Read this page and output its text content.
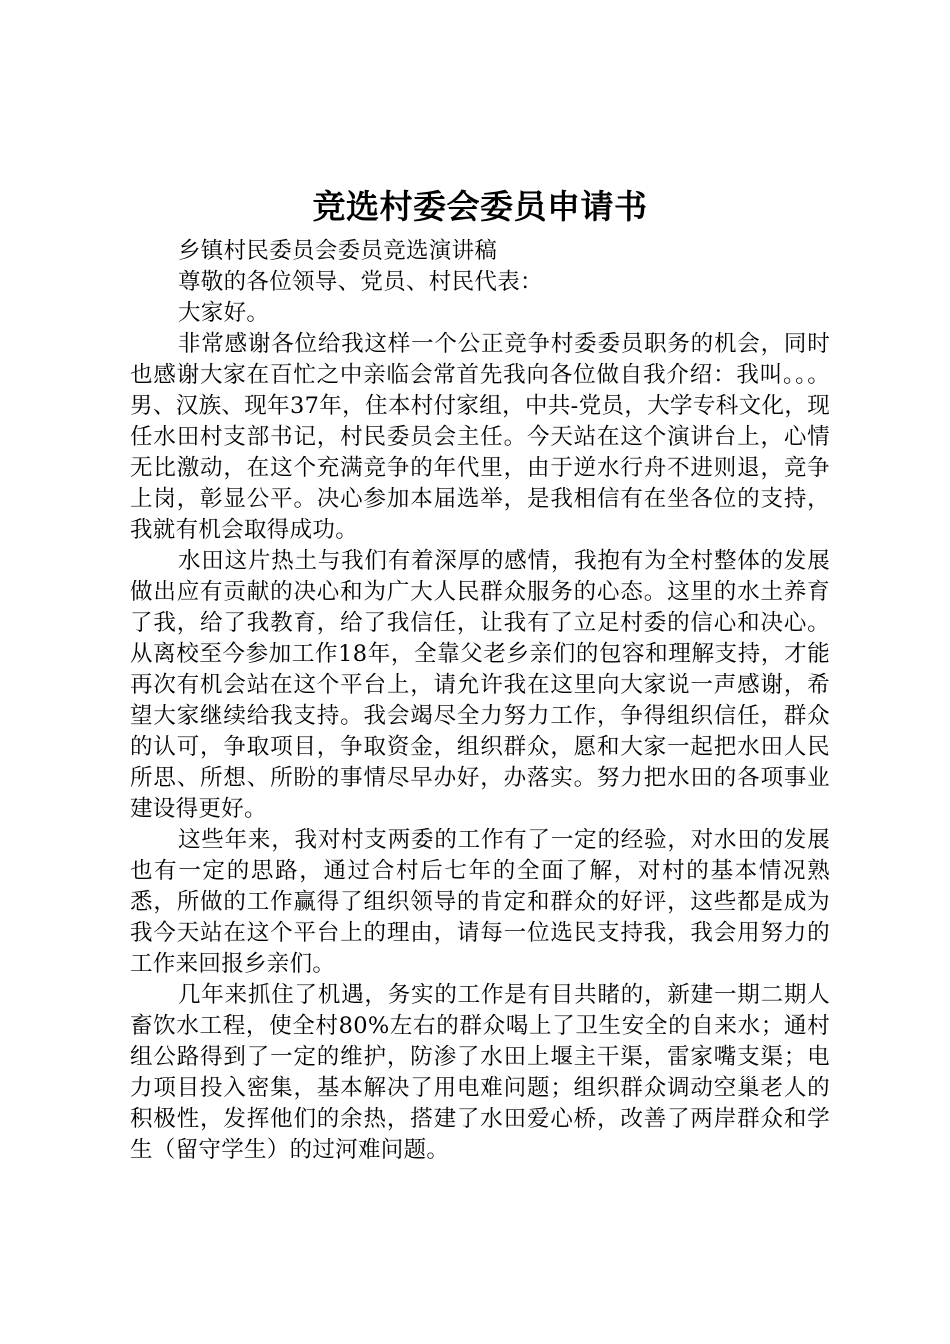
竞选村委会委员申请书

乡镇村民委员会委员竞选演讲稿

尊敬的各位领导、党员、村民代表：

大家好。

非常感谢各位给我这样一个公正竞争村委委员职务的机会，同时也感谢大家在百忙之中亲临会常首先我向各位做自我介绍：我叫。。。男、汉族、现年37年，住本村付家组，中共-党员，大学专科文化，现任水田村支部书记，村民委员会主任。今天站在这个演讲台上，心情无比激动，在这个充满竞争的年代里，由于逆水行舟不进则退，竞争上岗，彰显公平。决心参加本届选举，是我相信有在坐各位的支持，我就有机会取得成功。

水田这片热土与我们有着深厚的感情，我抱有为全村整体的发展做出应有贡献的决心和为广大人民群众服务的心态。这里的水土养育了我，给了我教育，给了我信任，让我有了立足村委的信心和决心。从离校至今参加工作18年，全靠父老乡亲们的包容和理解支持，才能再次有机会站在这个平台上，请允许我在这里向大家说一声感谢，希望大家继续给我支持。我会竭尽全力努力工作，争得组织信任，群众的认可，争取项目，争取资金，组织群众，愿和大家一起把水田人民所思、所想、所盼的事情尽早办好，办落实。努力把水田的各项事业建设得更好。

这些年来，我对村支两委的工作有了一定的经验，对水田的发展也有一定的思路，通过合村后七年的全面了解，对村的基本情况熟悉，所做的工作赢得了组织领导的肯定和群众的好评，这些都是成为我今天站在这个平台上的理由，请每一位选民支持我，我会用努力的工作来回报乡亲们。

几年来抓住了机遇，务实的工作是有目共睹的，新建一期二期人畜饮水工程，使全村80%左右的群众喝上了卫生安全的自来水；通村组公路得到了一定的维护，防渗了水田上堰主干渠，雷家嘴支渠；电力项目投入密集，基本解决了用电难问题；组织群众调动空巢老人的积极性，发挥他们的余热，搭建了水田爱心桥，改善了两岸群众和学生（留守学生）的过河难问题。
